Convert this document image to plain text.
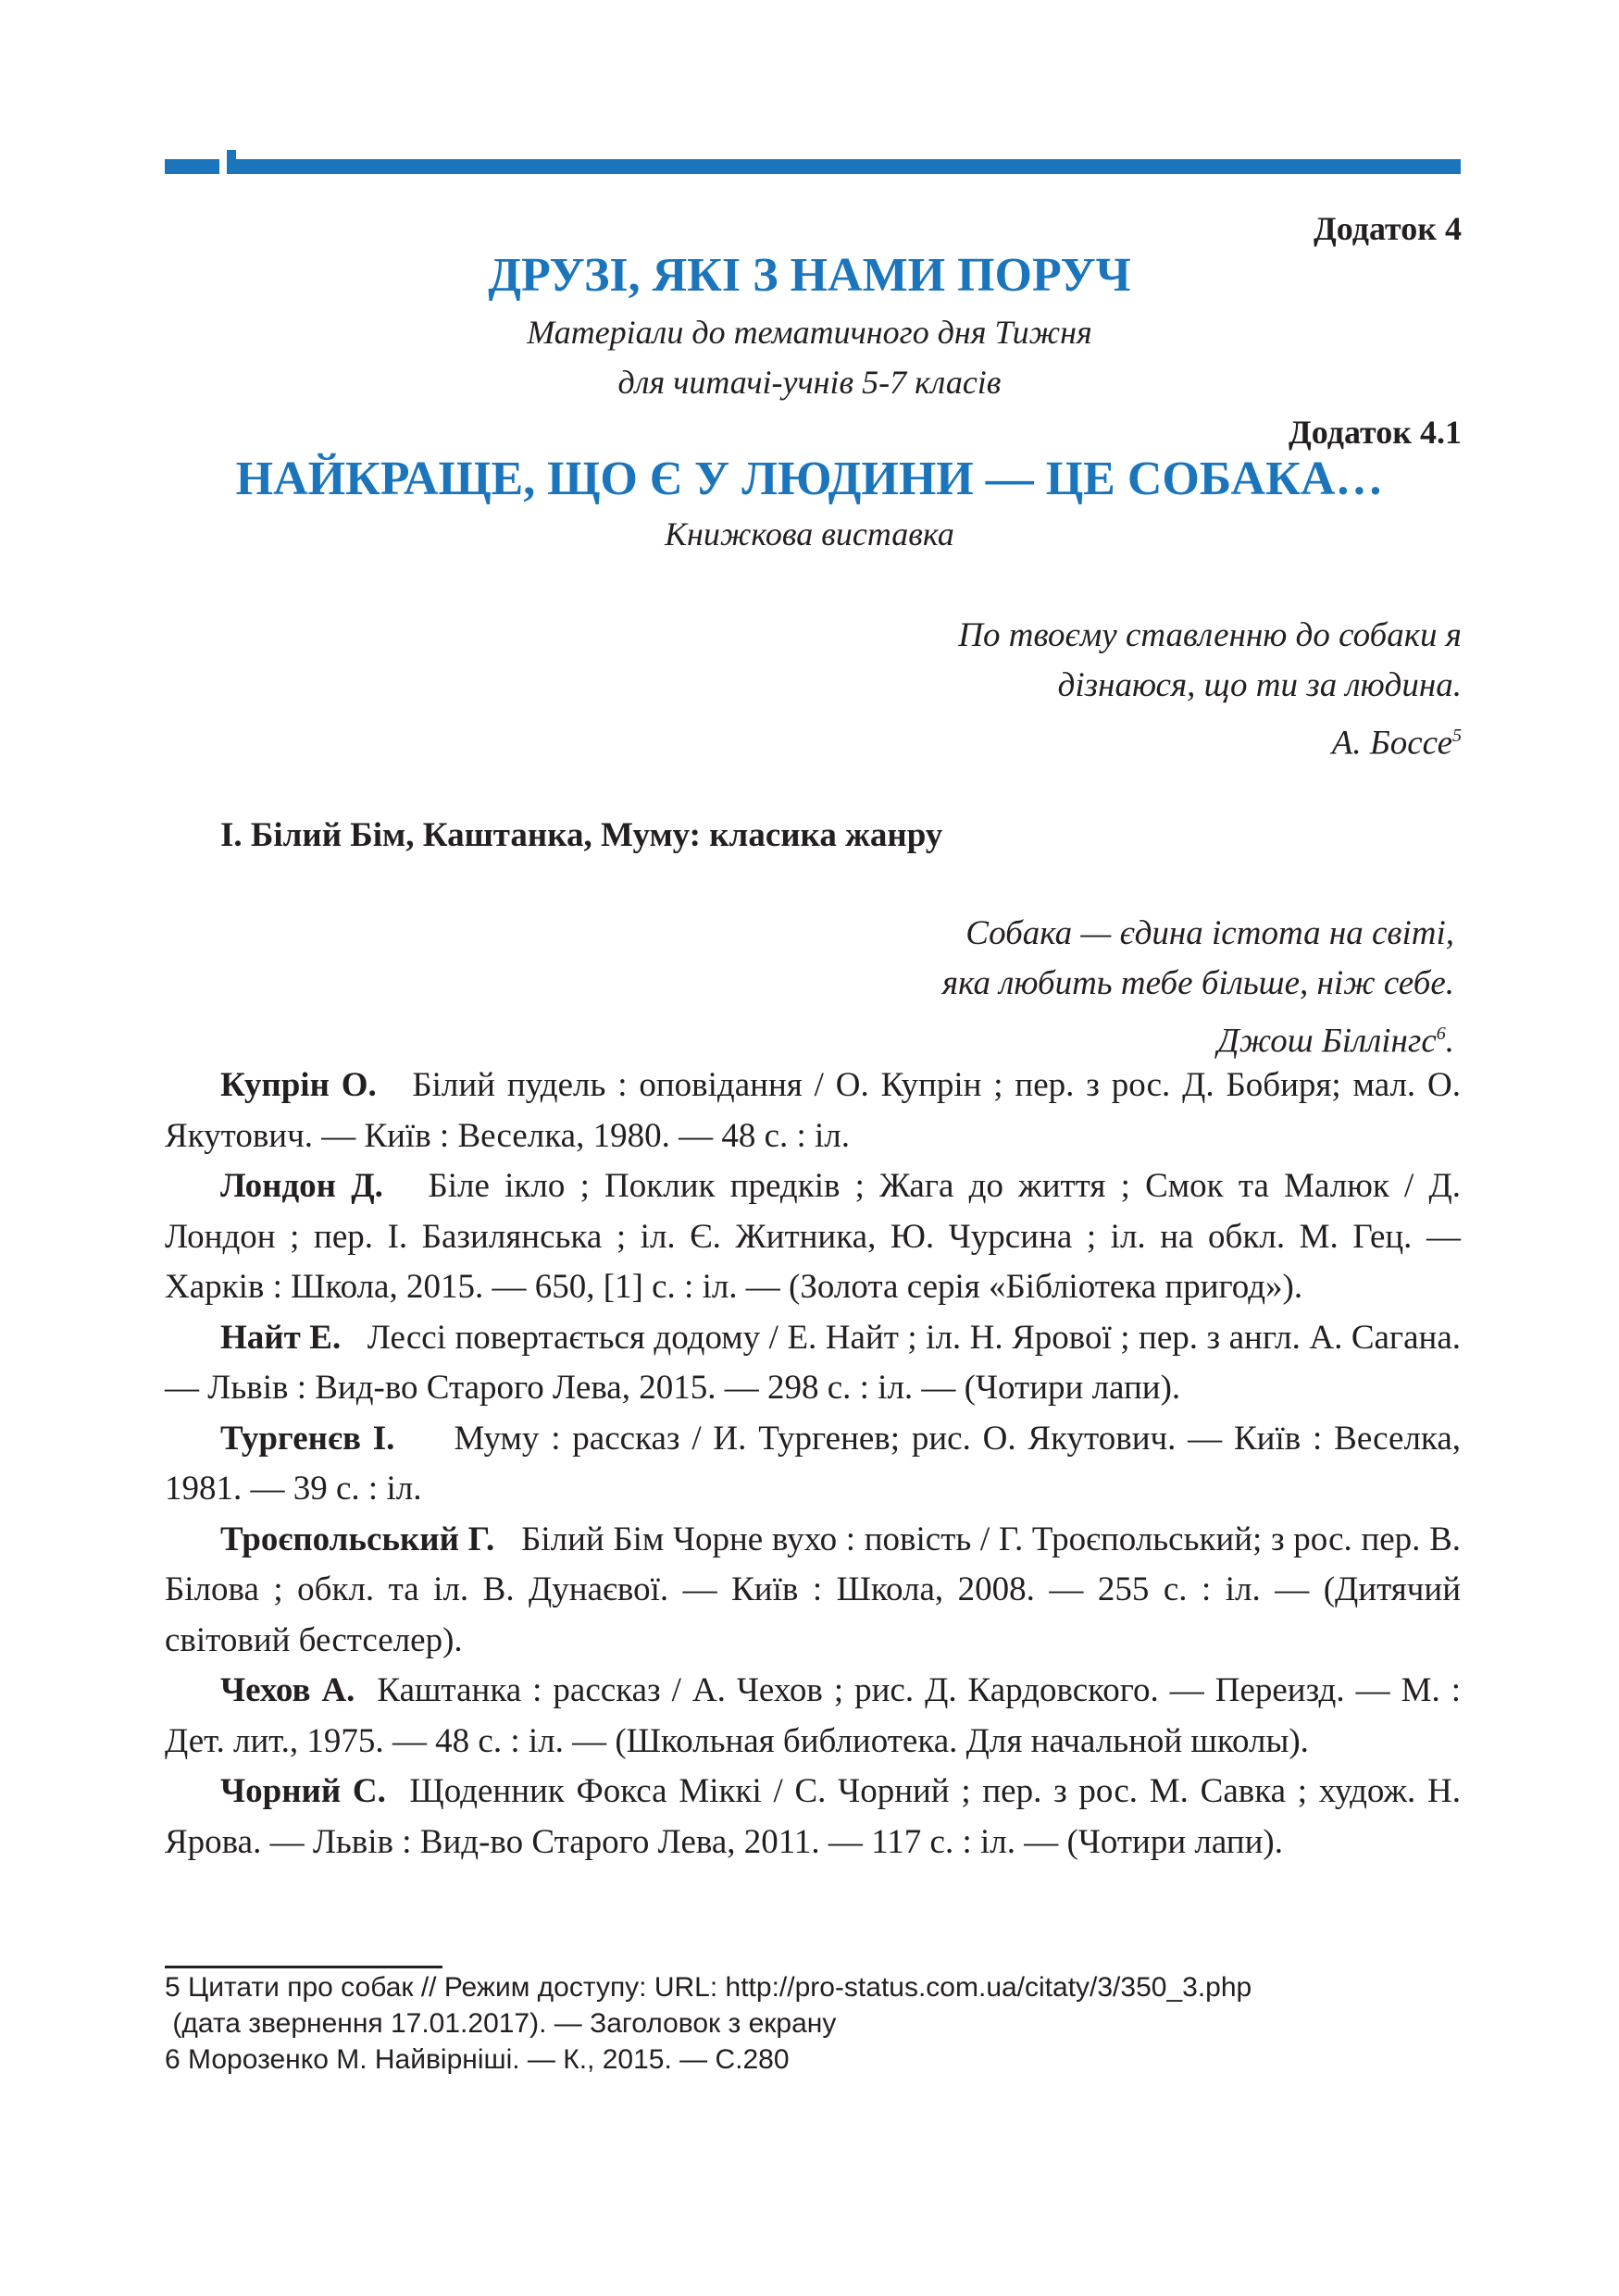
Додаток 4
ДРУЗІ, ЯКІ З НАМИ ПОРУЧ
Матеріали до тематичного дня Тижня
для читачі-учнів 5-7 класів
Додаток 4.1
НАЙКРАЩЕ, ЩО Є У ЛЮДИНИ — ЦЕ СОБАКА…
Книжкова виставка
По твоєму ставленню до собаки я
дізнаюся, що ти за людина.
А. Боссе$^5$
І. Білий Бім, Каштанка, Муму: класика жанру
Собака — єдина істота на світі,
яка любить тебе більше, ніж себе.
Джош Біллінгс$^6$.

Купрін О. Білий пудель : оповідання / О. Купрін ; пер. з рос. Д. Бобиря; мал. О. Якутович. — Київ : Веселка, 1980. — 48 с. : іл.

Лондон Д. Біле ікло ; Поклик предків ; Жага до життя ; Смок та Малюк / Д. Лондон ; пер. І. Базилянська ; іл. Є. Житника, Ю. Чурсина ; іл. на обкл. М. Гец. — Харків : Школа, 2015. — 650, [1] с. : іл. — (Золота серія «Бібліотека пригод»).

Найт Е. Лессі повертається додому / Е. Найт ; іл. Н. Ярової ; пер. з англ. А. Сагана. — Львів : Вид-во Старого Лева, 2015. — 298 с. : іл. — (Чотири лапи).

Тургенєв І. Муму : рассказ / И. Тургенев; рис. О. Якутович. — Київ : Веселка, 1981. — 39 с. : іл.

Троєпольський Г. Білий Бім Чорне вухо : повість / Г. Троєпольський; з рос. пер. В. Білова ; обкл. та іл. В. Дунаєвої. — Київ : Школа, 2008. — 255 с. : іл. — (Дитячий світовий бестселер).

Чехов А. Каштанка : рассказ / А. Чехов ; рис. Д. Кардовского. — Переизд. — М. : Дет. лит., 1975. — 48 с. : іл. — (Школьная библиотека. Для начальной школы).

Чорний С. Щоденник Фокса Міккі / С. Чорний ; пер. з рос. М. Савка ; худож. Н. Ярова. — Львів : Вид-во Старого Лева, 2011. — 117 с. : іл. — (Чотири лапи).

5 Цитати про собак // Режим доступу: URL: http://pro-status.com.ua/citaty/3/350_3.php
(дата звернення 17.01.2017). — Заголовок з екрану
6 Морозенко М. Найвірніші. — К., 2015. — С.280
